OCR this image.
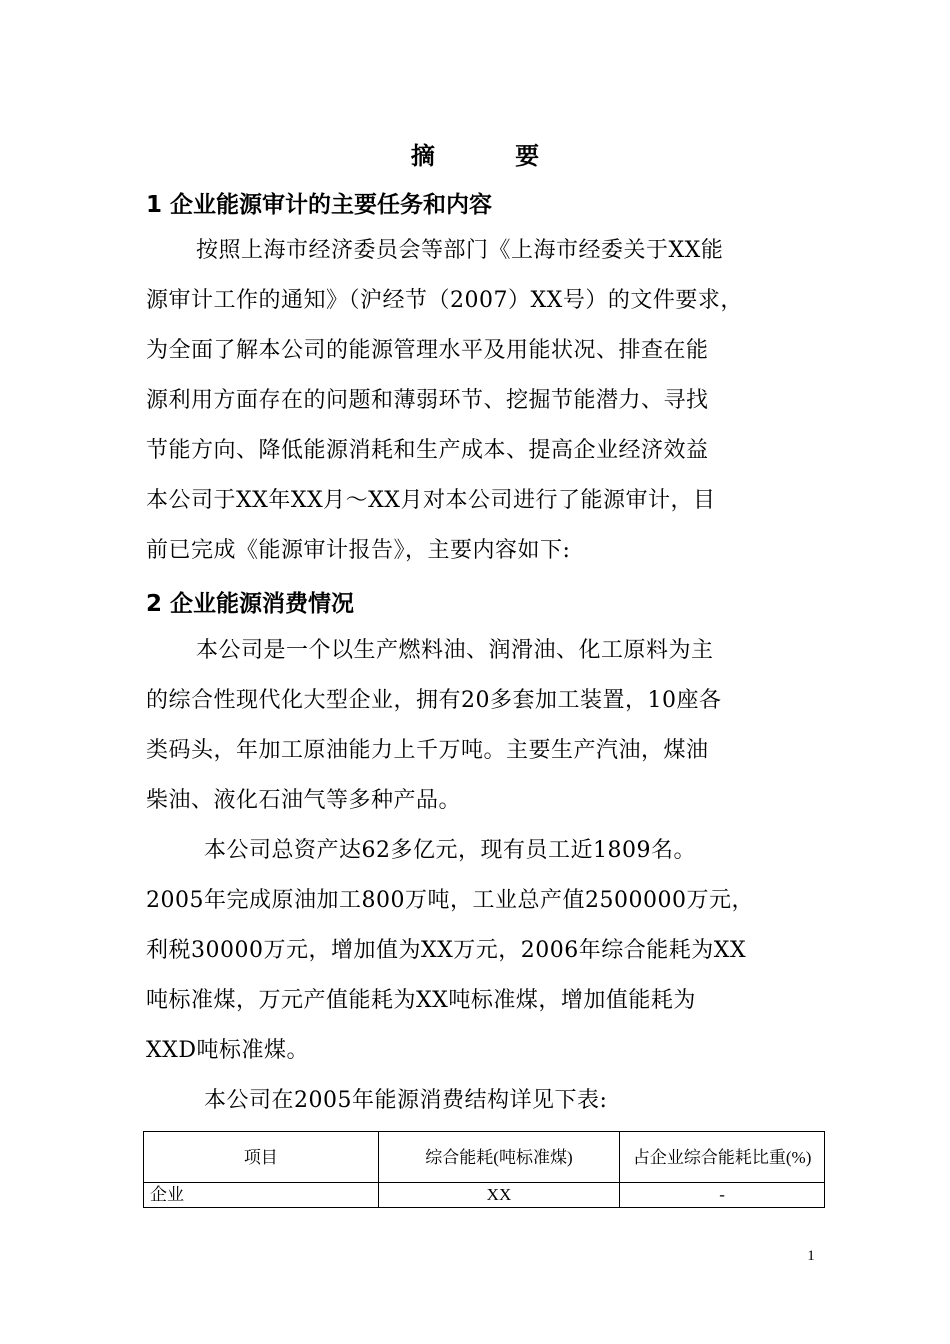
摘 要
1 企业能源审计的主要任务和内容
按照上海市经济委员会等部门《上海市经委关于XX能
源审计工作的通知》（沪经节（2007）XX号）的文件要求，
为全面了解本公司的能源管理水平及用能状况、排查在能
源利用方面存在的问题和薄弱环节、挖掘节能潜力、寻找
节能方向、降低能源消耗和生产成本、提高企业经济效益
本公司于XX年XX月～XX月对本公司进行了能源审计，目
前已完成《能源审计报告》，主要内容如下:
2 企业能源消费情况
本公司是一个以生产燃料油、润滑油、化工原料为主
的综合性现代化大型企业，拥有20多套加工装置，10座各
类码头，年加工原油能力上千万吨。主要生产汽油，煤油
柴油、液化石油气等多种产品。
本公司总资产达62多亿元，现有员工近1809名。
2005年完成原油加工800万吨，工业总产值2500000万元，
利税30000万元，增加值为XX万元，2006年综合能耗为XX
吨标准煤，万元产值能耗为XX吨标准煤，增加值能耗为
XXD吨标准煤。
本公司在2005年能源消费结构详见下表:
项目	综合能耗(吨标准煤)	占企业综合能耗比重(%)
企业	XX	-
1
